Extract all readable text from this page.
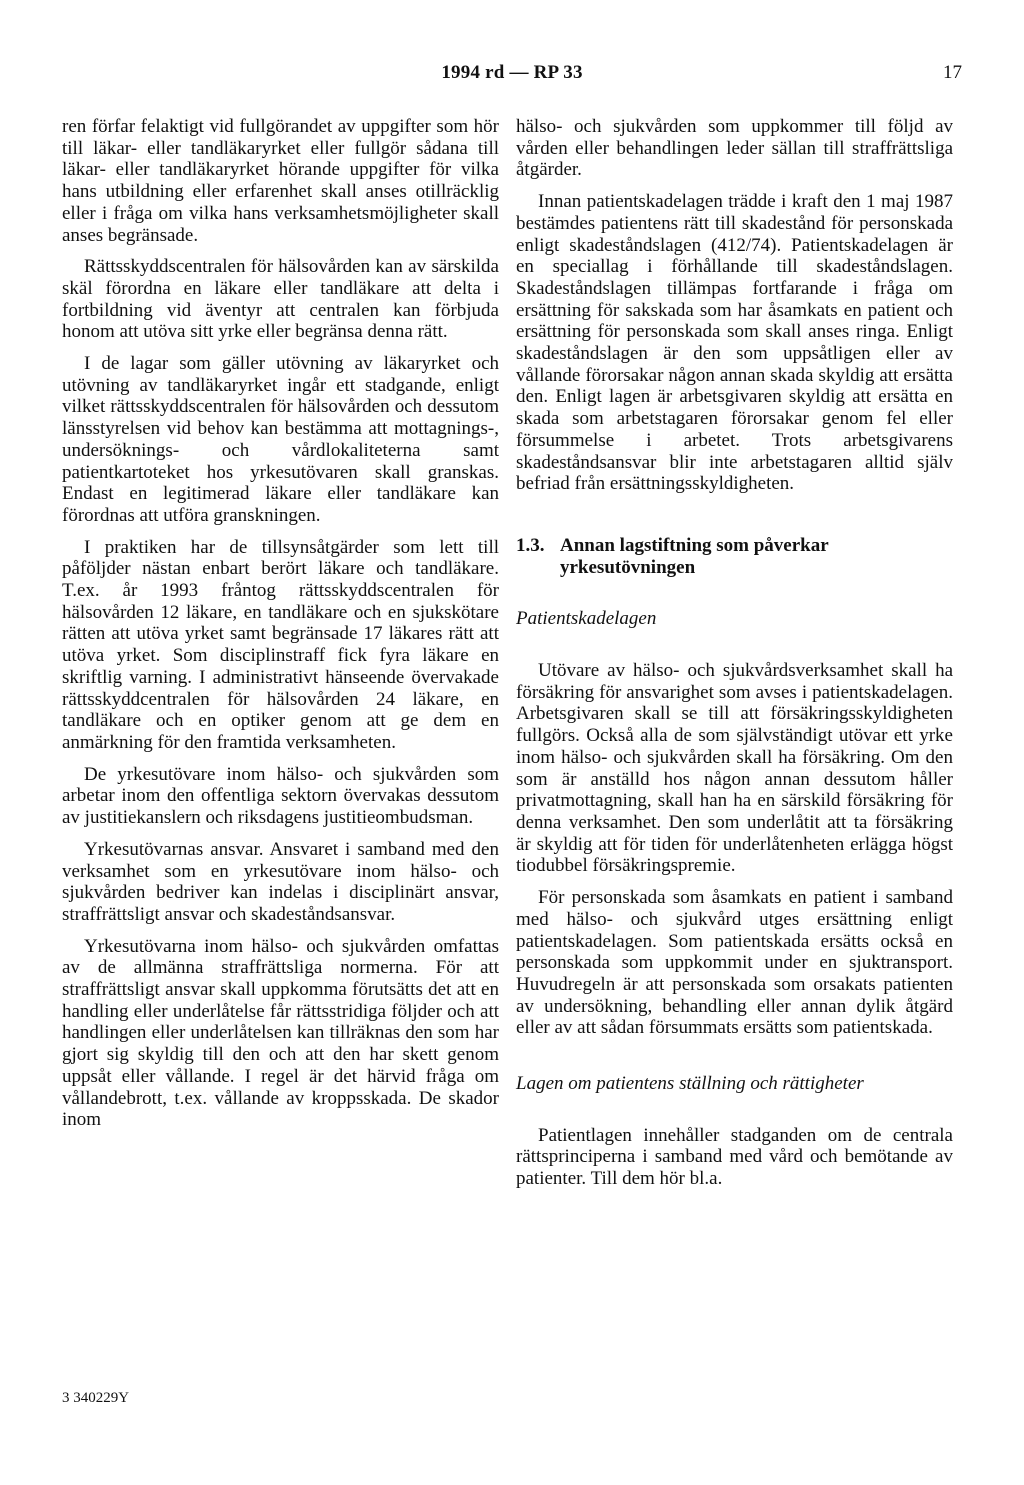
1994 rd — RP 33	17

ren förfar felaktigt vid fullgörandet av uppgifter som hör till läkar- eller tandläkaryrket eller fullgör sådana till läkar- eller tandläkaryrket hörande uppgifter för vilka hans utbildning eller erfarenhet skall anses otillräcklig eller i fråga om vilka hans verksamhetsmöjligheter skall anses begränsade.

Rättsskyddscentralen för hälsovården kan av särskilda skäl förordna en läkare eller tandläkare att delta i fortbildning vid äventyr att centralen kan förbjuda honom att utöva sitt yrke eller begränsa denna rätt.

I de lagar som gäller utövning av läkaryrket och utövning av tandläkaryrket ingår ett stadgande, enligt vilket rättsskyddscentralen för hälsovården och dessutom länsstyrelsen vid behov kan bestämma att mottagnings-, undersöknings- och vårdlokaliteterna samt patientkartoteket hos yrkesutövaren skall granskas. Endast en legitimerad läkare eller tandläkare kan förordnas att utföra granskningen.

I praktiken har de tillsynsåtgärder som lett till påföljder nästan enbart berört läkare och tandläkare. T.ex. år 1993 fråntog rättsskyddscentralen för hälsovården 12 läkare, en tandläkare och en sjukskötare rätten att utöva yrket samt begränsade 17 läkares rätt att utöva yrket. Som disciplinstraff fick fyra läkare en skriftlig varning. I administrativt hänseende övervakade rättsskyddcentralen för hälsovården 24 läkare, en tandläkare och en optiker genom att ge dem en anmärkning för den framtida verksamheten.

De yrkesutövare inom hälso- och sjukvården som arbetar inom den offentliga sektorn övervakas dessutom av justitiekanslern och riksdagens justitieombudsman.

Yrkesutövarnas ansvar. Ansvaret i samband med den verksamhet som en yrkesutövare inom hälso- och sjukvården bedriver kan indelas i disciplinärt ansvar, straffrättsligt ansvar och skadeståndsansvar.

Yrkesutövarna inom hälso- och sjukvården omfattas av de allmänna straffrättsliga normerna. För att straffrättsligt ansvar skall uppkomma förutsätts det att en handling eller underlåtelse får rättsstridiga följder och att handlingen eller underlåtelsen kan tillräknas den som har gjort sig skyldig till den och att den har skett genom uppsåt eller vållande. I regel är det härvid fråga om vållandebrott, t.ex. vållande av kroppsskada. De skador inom

hälso- och sjukvården som uppkommer till följd av vården eller behandlingen leder sällan till straffrättsliga åtgärder.

Innan patientskadelagen trädde i kraft den 1 maj 1987 bestämdes patientens rätt till skadestånd för personskada enligt skadeståndslagen (412/74). Patientskadelagen är en speciallag i förhållande till skadeståndslagen. Skadeståndslagen tillämpas fortfarande i fråga om ersättning för sakskada som har åsamkats en patient och ersättning för personskada som skall anses ringa. Enligt skadeståndslagen är den som uppsåtligen eller av vållande förorsakar någon annan skada skyldig att ersätta den. Enligt lagen är arbetsgivaren skyldig att ersätta en skada som arbetstagaren förorsakar genom fel eller försummelse i arbetet. Trots arbetsgivarens skadeståndsansvar blir inte arbetstagaren alltid själv befriad från ersättningsskyldigheten.

1.3. Annan lagstiftning som påverkar yrkesutövningen
Patientskadelagen

Utövare av hälso- och sjukvårdsverksamhet skall ha försäkring för ansvarighet som avses i patientskadelagen. Arbetsgivaren skall se till att försäkringsskyldigheten fullgörs. Också alla de som självständigt utövar ett yrke inom hälso- och sjukvården skall ha försäkring. Om den som är anställd hos någon annan dessutom håller privatmottagning, skall han ha en särskild försäkring för denna verksamhet. Den som underlåtit att ta försäkring är skyldig att för tiden för underlåtenheten erlägga högst tiodubbel försäkringspremie.

För personskada som åsamkats en patient i samband med hälso- och sjukvård utges ersättning enligt patientskadelagen. Som patientskada ersätts också en personskada som uppkommit under en sjuktransport. Huvudregeln är att personskada som orsakats patienten av undersökning, behandling eller annan dylik åtgärd eller av att sådan försummats ersätts som patientskada.

Lagen om patientens ställning och rättigheter

Patientlagen innehåller stadganden om de centrala rättsprinciperna i samband med vård och bemötande av patienter. Till dem hör bl.a.

3 340229Y
